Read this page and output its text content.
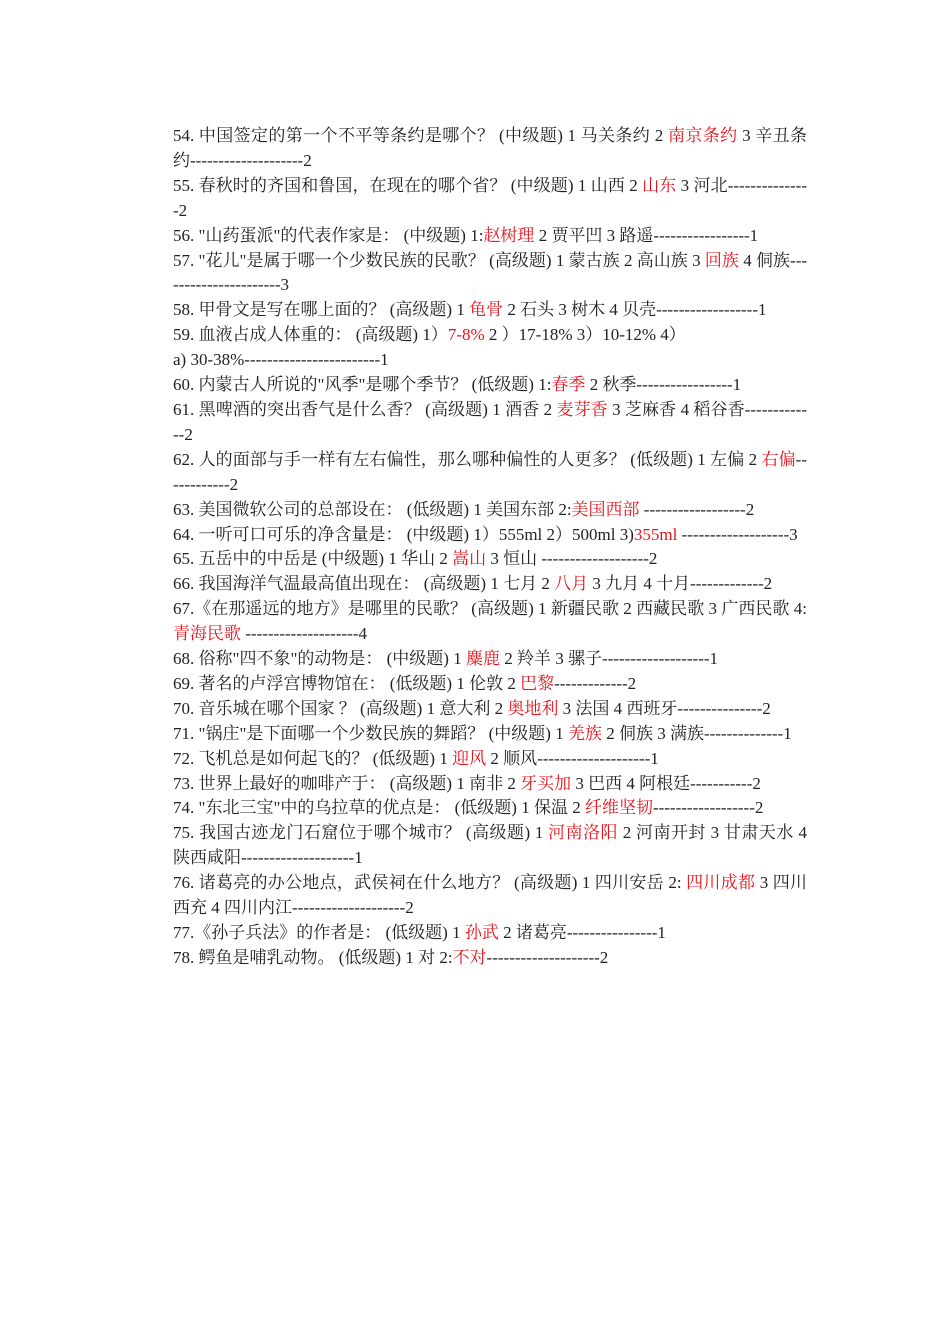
54. 中国签定的第一个不平等条约是哪个？ (中级题) 1 马关条约 2 南京条约 3 辛丑条约--------------------2
55. 春秋时的齐国和鲁国，在现在的哪个省？ (中级题) 1 山西 2 山东 3 河北---------------2
56. "山药蛋派"的代表作家是： (中级题) 1:赵树理 2 贾平凹 3 路遥-----------------1
57. "花儿"是属于哪一个少数民族的民歌？ (高级题) 1 蒙古族 2 高山族 3 回族 4 侗族----------------------3
58. 甲骨文是写在哪上面的？ (高级题) 1 龟骨 2 石头 3 树木 4 贝壳------------------1
59. 血液占成人体重的： (高级题) 1）7-8% 2 ）17-18% 3）10-12% 4）
a) 30-38%------------------------1
60. 内蒙古人所说的"风季"是哪个季节？ (低级题) 1:春季 2 秋季-----------------1
61. 黑啤酒的突出香气是什么香？ (高级题) 1 酒香 2 麦芽香 3 芝麻香 4 稻谷香-------------2
62. 人的面部与手一样有左右偏性，那么哪种偏性的人更多？ (低级题) 1 左偏 2 右偏------------2
63. 美国微软公司的总部设在： (低级题) 1 美国东部 2:美国西部 ------------------2
64. 一听可口可乐的净含量是： (中级题) 1）555ml 2）500ml 3)355ml -------------------3
65. 五岳中的中岳是 (中级题) 1 华山 2 嵩山 3 恒山 -------------------2
66. 我国海洋气温最高值出现在： (高级题) 1 七月 2 八月 3 九月 4 十月-------------2
67.《在那遥远的地方》是哪里的民歌？ (高级题) 1 新疆民歌 2 西藏民歌 3 广西民歌 4: 青海民歌 --------------------4
68. 俗称"四不象"的动物是： (中级题) 1 麋鹿 2 羚羊 3 骡子-------------------1
69. 著名的卢浮宫博物馆在： (低级题) 1 伦敦 2 巴黎-------------2
70. 音乐城在哪个国家 ？ (高级题) 1 意大利 2 奥地利 3 法国 4 西班牙---------------2
71. "锅庄"是下面哪一个少数民族的舞蹈？ (中级题) 1 羌族 2 侗族 3 满族--------------1
72. 飞机总是如何起飞的？ (低级题) 1 迎风 2 顺风--------------------1
73. 世界上最好的咖啡产于： (高级题) 1 南非 2 牙买加 3 巴西 4 阿根廷-----------2
74. "东北三宝"中的乌拉草的优点是： (低级题) 1 保温 2 纤维坚韧------------------2
75. 我国古迹龙门石窟位于哪个城市？ (高级题) 1 河南洛阳 2 河南开封 3 甘肃天水 4 陕西咸阳--------------------1
76. 诸葛亮的办公地点，武侯祠在什么地方？ (高级题) 1 四川安岳 2: 四川成都 3 四川西充 4 四川内江--------------------2
77.《孙子兵法》的作者是： (低级题) 1 孙武 2 诸葛亮----------------1
78. 鳄鱼是哺乳动物。 (低级题) 1 对 2:不对--------------------2
